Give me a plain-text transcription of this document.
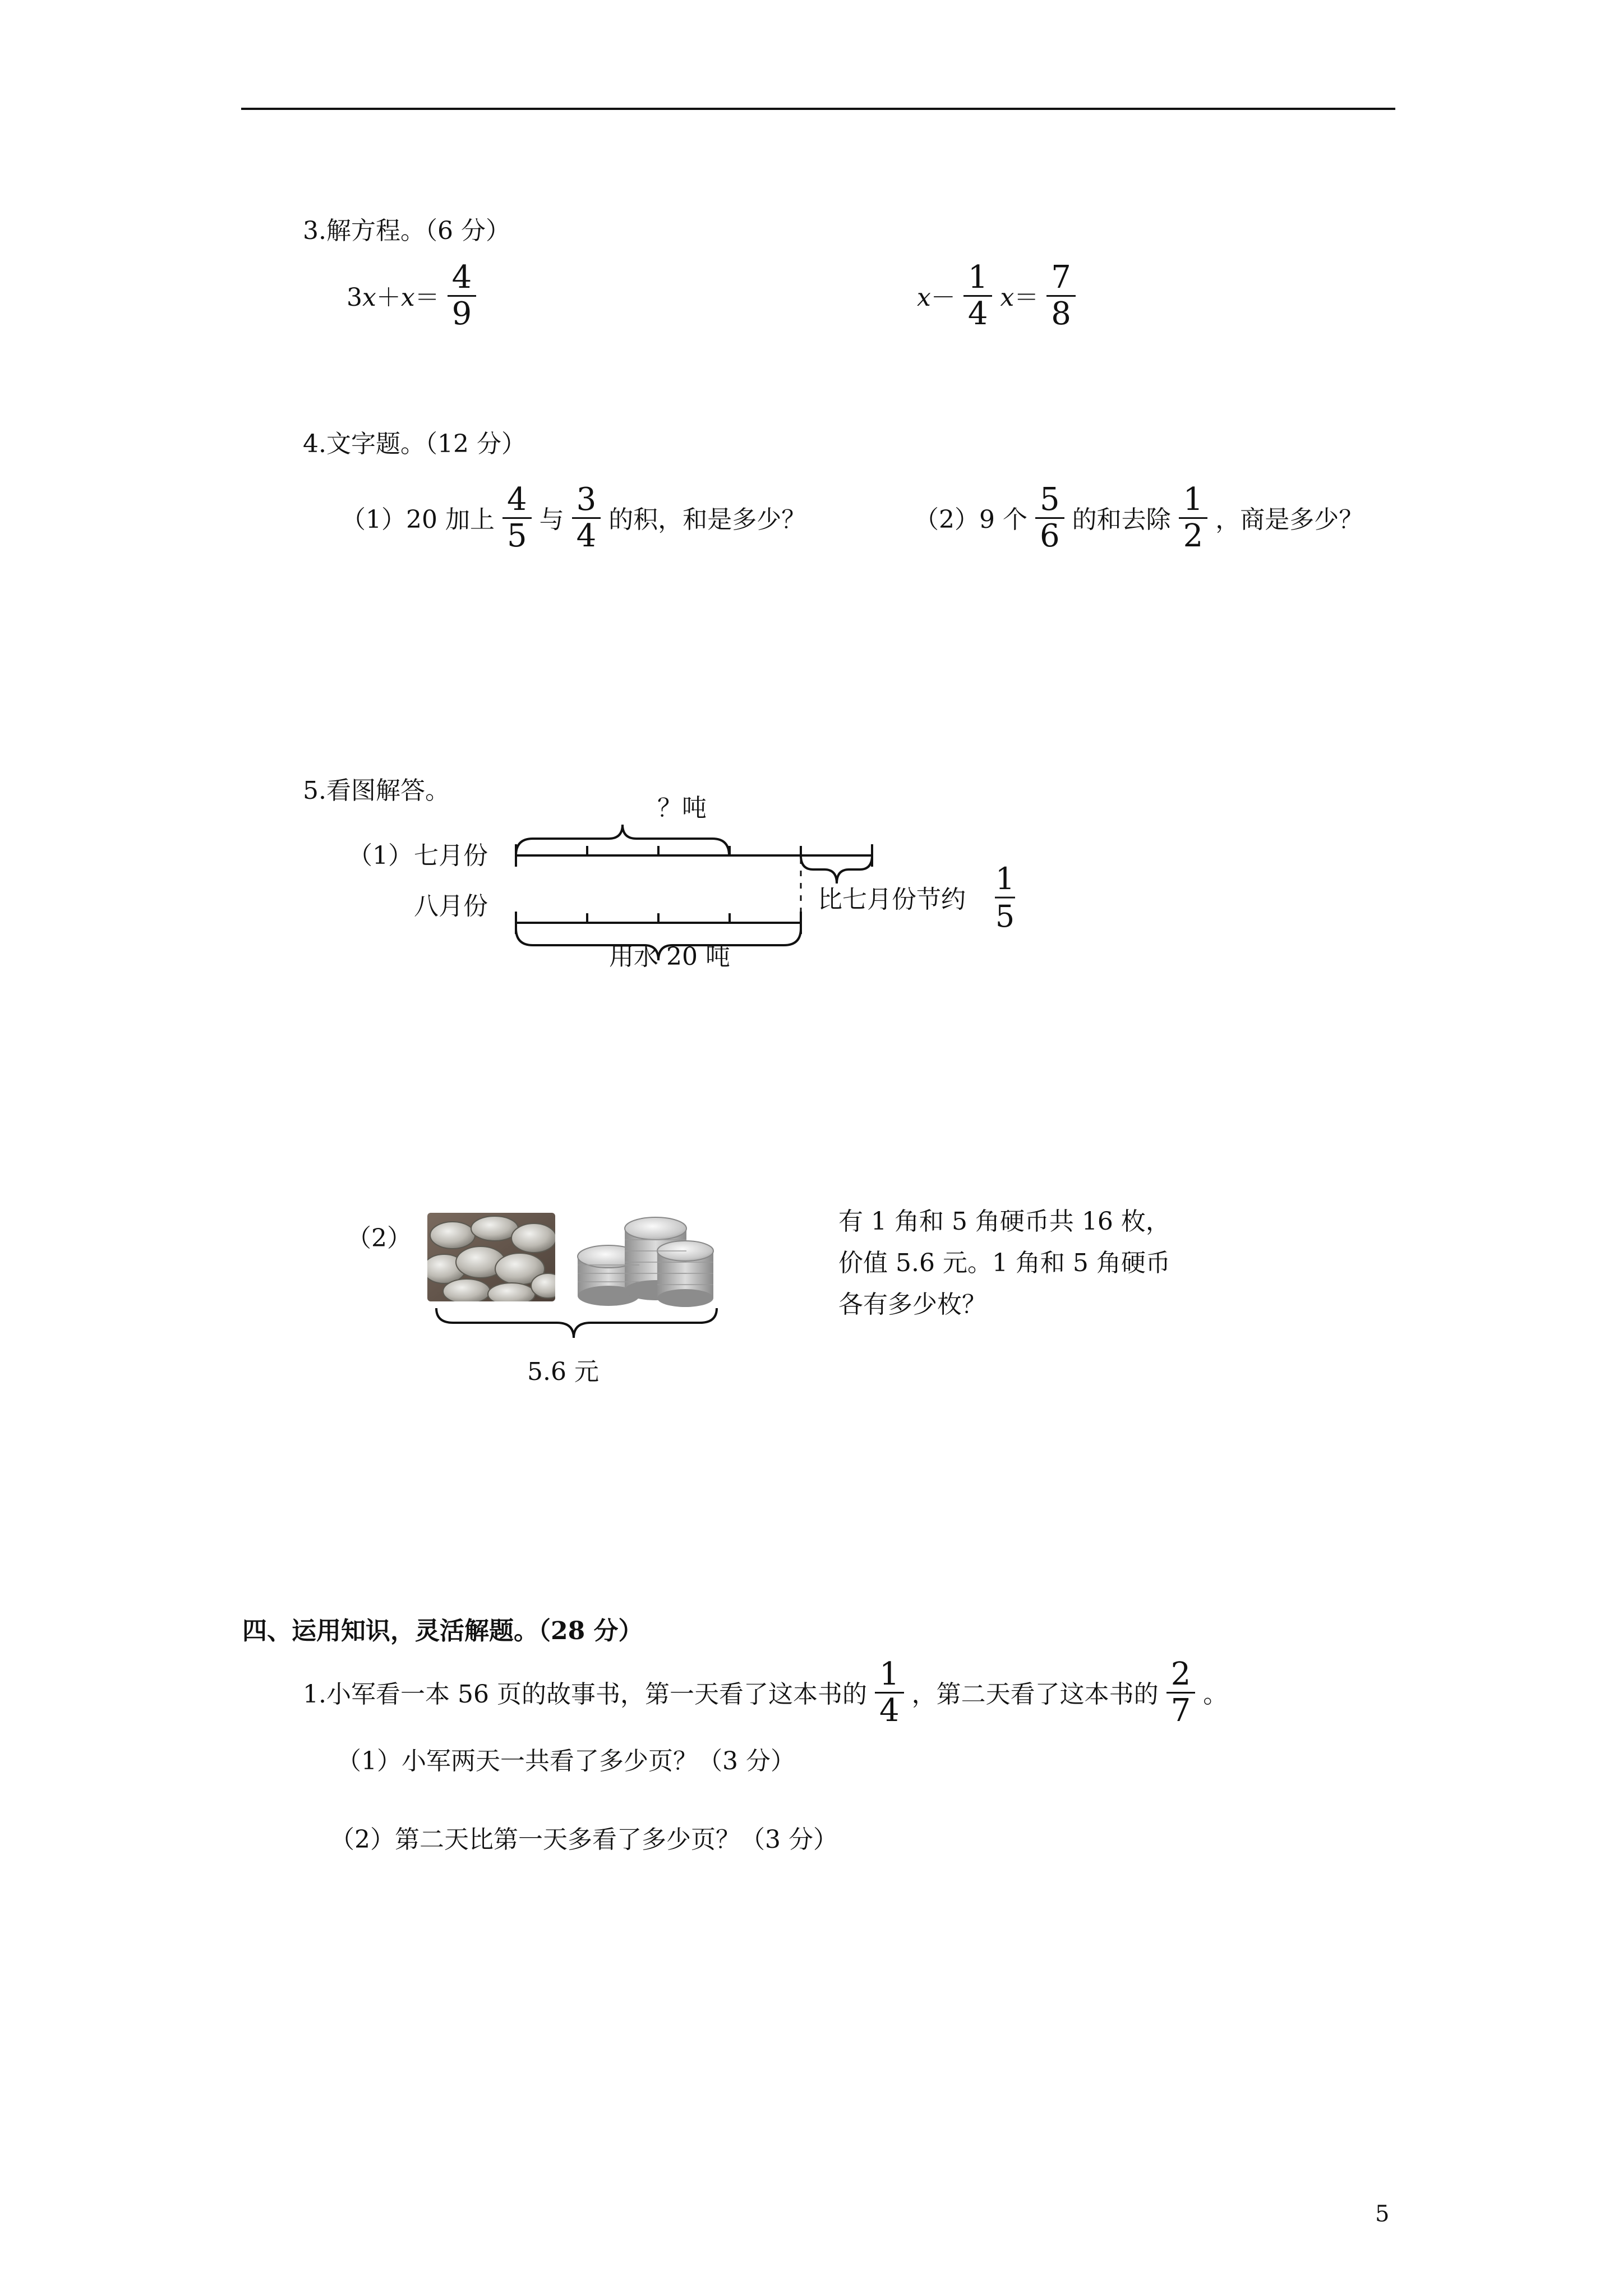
3.解方程。（6 分）
$3x+x= \frac{4}{9}$	$x- \frac{1}{4} x= \frac{7}{8}$
4.文字题。（12 分）
（1）20 加上 $\frac{4}{5}$ 与 $\frac{3}{4}$ 的积，和是多少？	（2）9 个 $\frac{5}{6}$ 的和去除 $\frac{1}{2}$ ，商是多少？
5.看图解答。
？吨
用水 20 吨
（1） 七月份
八月份	比七月份节约
1
5
（2）
5.6 元
有 1 角和 5 角硬币共 16 枚，
价值 5.6 元。1 角和 5 角硬币
各有多少枚？
四、运用知识，灵活解题。（28 分）
1.小军看一本 56 页的故事书，第一天看了这本书的 $\frac{1}{4}$ ，第二天看了这本书的 $\frac{2}{7}$ 。
（1）小军两天一共看了多少页？（3 分）
（2）第二天比第一天多看了多少页？（3 分）
5
